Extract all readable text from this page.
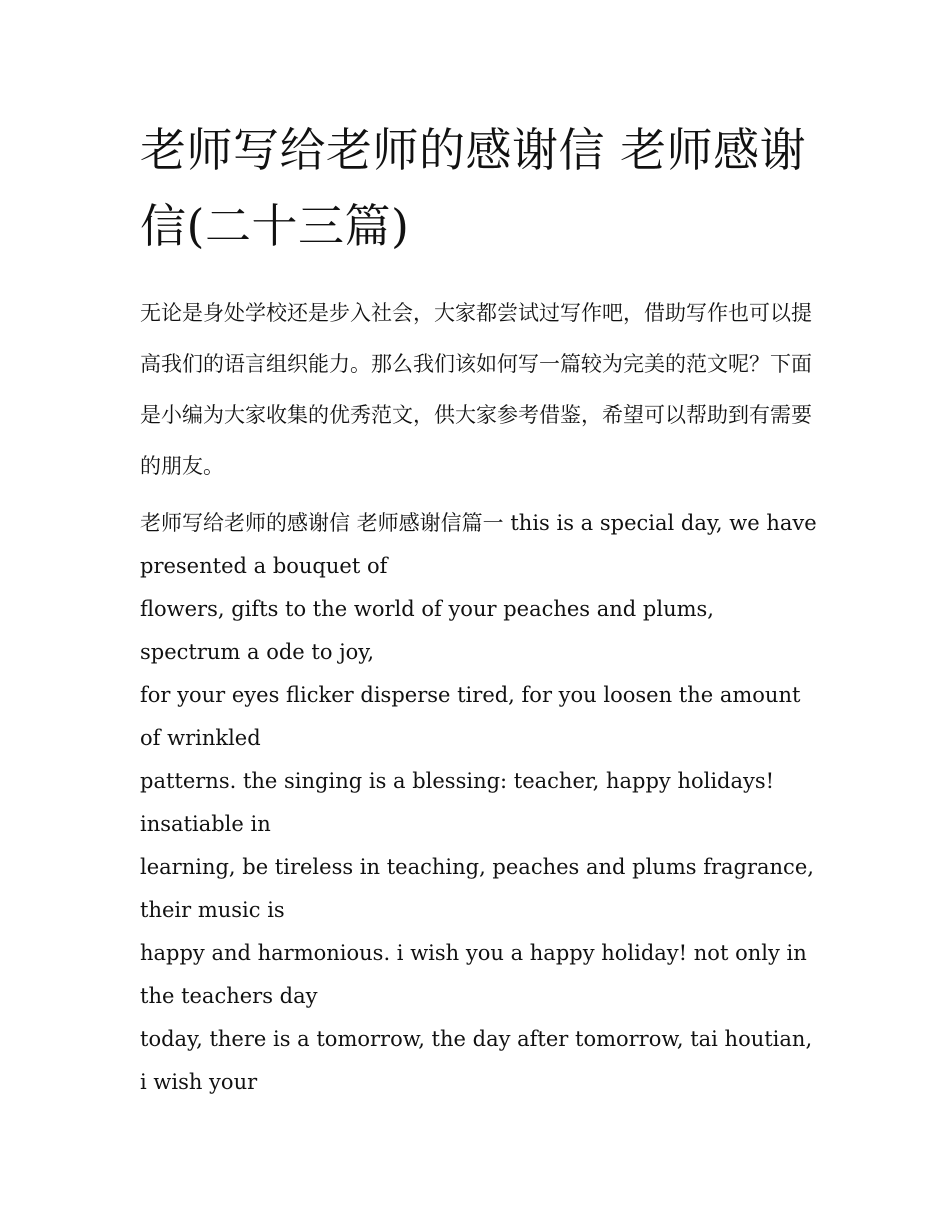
老师写给老师的感谢信 老师感谢信(二十三篇)

无论是身处学校还是步入社会，大家都尝试过写作吧，借助写作也可以提高我们的语言组织能力。那么我们该如何写一篇较为完美的范文呢？下面是小编为大家收集的优秀范文，供大家参考借鉴，希望可以帮助到有需要的朋友。

老师写给老师的感谢信 老师感谢信篇一 this is a special day, we have presented a bouquet of
flowers, gifts to the world of your peaches and plums, spectrum a ode to joy,
for your eyes flicker disperse tired, for you loosen the amount of wrinkled
patterns. the singing is a blessing: teacher, happy holidays! insatiable in
learning, be tireless in teaching, peaches and plums fragrance, their music is
happy and harmonious. i wish you a happy holiday! not only in the teachers day
today, there is a tomorrow, the day after tomorrow, tai houtian, i wish your
